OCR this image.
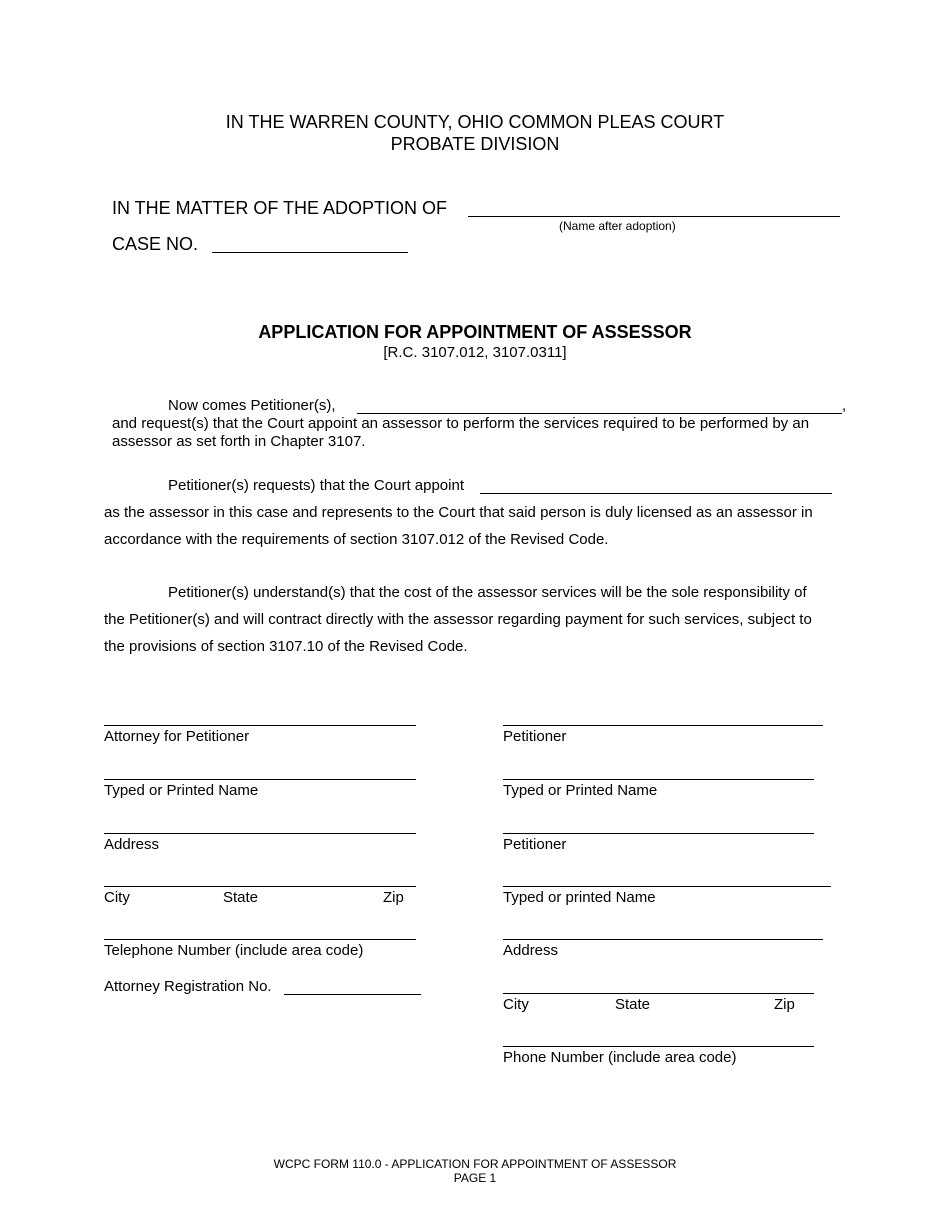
IN THE WARREN COUNTY, OHIO COMMON PLEAS COURT
PROBATE DIVISION
IN THE MATTER OF THE ADOPTION OF
(Name after adoption)
CASE NO.
APPLICATION FOR APPOINTMENT OF ASSESSOR
[R.C. 3107.012, 3107.0311]
Now comes Petitioner(s),	,
and request(s) that the Court appoint an assessor to perform the services required to be performed by an
assessor as set forth in Chapter 3107.
Petitioner(s) requests) that the Court appoint
as the assessor in this case and represents to the Court that said person is duly licensed as an assessor in
accordance with the requirements of section 3107.012 of the Revised Code.
Petitioner(s) understand(s) that the cost of the assessor services will be the sole responsibility of
the Petitioner(s) and will contract directly with the assessor regarding payment for such services, subject to
the provisions of section 3107.10 of the Revised Code.
Attorney for Petitioner
Typed or Printed Name
Address
City	State	Zip
Telephone Number (include area code)
Attorney Registration No.
Petitioner
Typed or Printed Name
Petitioner
Typed or printed Name
Address
City	State	Zip
Phone Number (include area code)
WCPC FORM 110.0 - APPLICATION FOR APPOINTMENT OF ASSESSOR
PAGE 1
